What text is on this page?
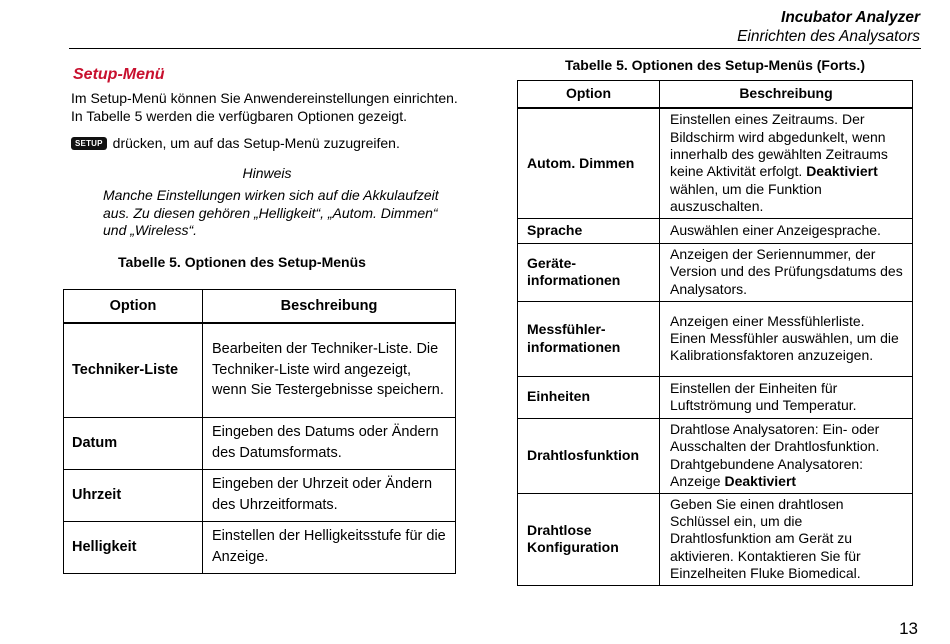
Incubator Analyzer
Einrichten des Analysators
Setup-Menü

Im Setup-Menü können Sie Anwendereinstellungen einrichten. In Tabelle 5 werden die verfügbaren Optionen gezeigt.

SETUP drücken, um auf das Setup-Menü zuzugreifen.
Hinweis
Manche Einstellungen wirken sich auf die Akkulaufzeit aus. Zu diesen gehören „Helligkeit“, „Autom. Dimmen“ und „Wireless“.
Tabelle 5. Optionen des Setup-Menüs
Option	Beschreibung
Techniker-Liste	Bearbeiten der Techniker-Liste. Die Techniker-Liste wird angezeigt, wenn Sie Testergebnisse speichern.
Datum	Eingeben des Datums oder Ändern des Datumsformats.
Uhrzeit	Eingeben der Uhrzeit oder Ändern des Uhrzeitformats.
Helligkeit	Einstellen der Helligkeitsstufe für die Anzeige.
Tabelle 5. Optionen des Setup-Menüs (Forts.)
Option	Beschreibung
Autom. Dimmen	Einstellen eines Zeitraums. Der Bildschirm wird abgedunkelt, wenn innerhalb des gewählten Zeitraums keine Aktivität erfolgt. Deaktiviert wählen, um die Funktion auszuschalten.
Sprache	Auswählen einer Anzeigesprache.
Geräte-
informationen	Anzeigen der Seriennummer, der Version und des Prüfungsdatums des Analysators.
Messfühler-
informationen	Anzeigen einer Messfühlerliste. Einen Messfühler auswählen, um die Kalibrationsfaktoren anzuzeigen.
Einheiten	Einstellen der Einheiten für Luftströmung und Temperatur.
Drahtlosfunktion	Drahtlose Analysatoren: Ein- oder Ausschalten der Drahtlosfunktion. Drahtgebundene Analysatoren: Anzeige Deaktiviert
Drahtlose
Konfiguration	Geben Sie einen drahtlosen Schlüssel ein, um die Drahtlosfunktion am Gerät zu aktivieren. Kontaktieren Sie für Einzelheiten Fluke Biomedical.
13
